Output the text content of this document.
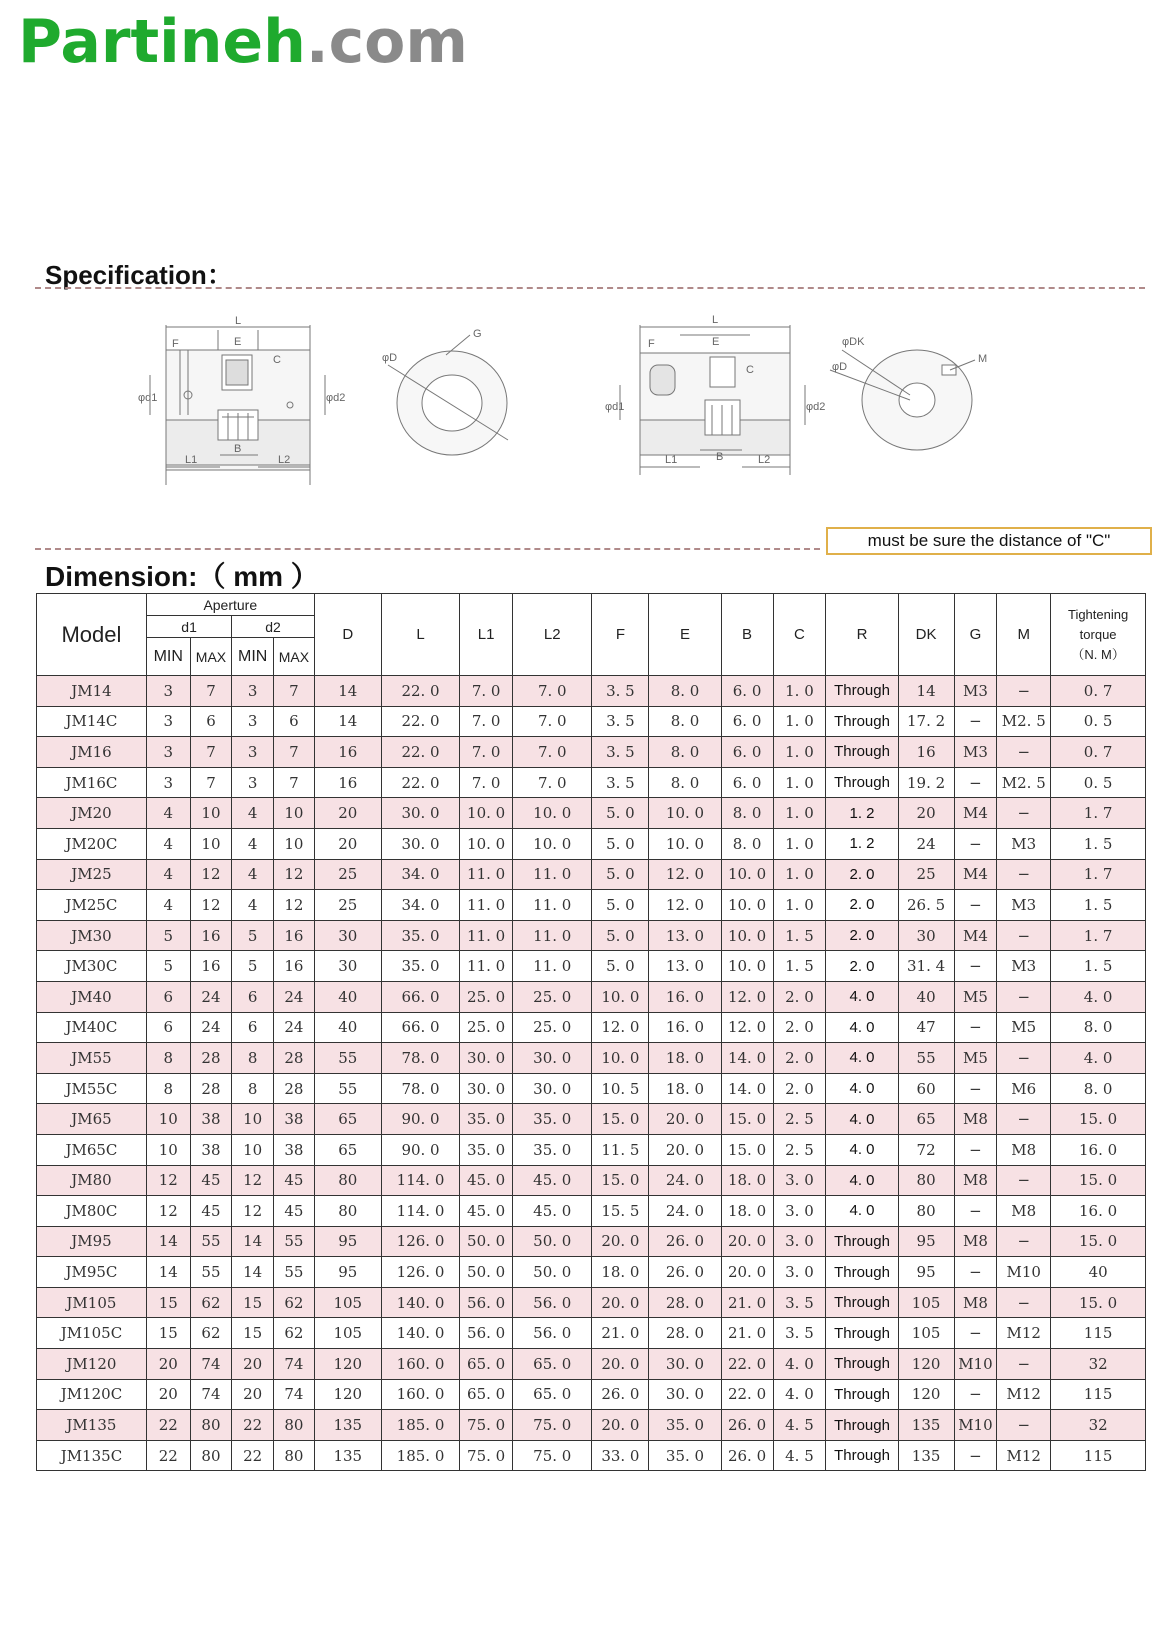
Partineh.com
Specification：
L
F	E
C
φd1	φd2
L1
B
L2
φD
G
L
F	E
C
φd1	φd2
L1	B	L2
φDK
φD
M
must be sure the distance of "C"
Dimension:（ mm ）
Model	Aperture				D	L	L1	L2	F	E	B	C	R	DK	G	M	Tightening
torque
（N. M）
	d1		d2														
	MIN	MAX	MIN	MAX													
JM14	3	7	3	7	14	22. 0	7. 0	7. 0	3. 5	8. 0	6. 0	1. 0	Through	14	M3	−	0. 7
JM14C	3	6	3	6	14	22. 0	7. 0	7. 0	3. 5	8. 0	6. 0	1. 0	Through	17. 2	−	M2. 5	0. 5
JM16	3	7	3	7	16	22. 0	7. 0	7. 0	3. 5	8. 0	6. 0	1. 0	Through	16	M3	−	0. 7
JM16C	3	7	3	7	16	22. 0	7. 0	7. 0	3. 5	8. 0	6. 0	1. 0	Through	19. 2	−	M2. 5	0. 5
JM20	4	10	4	10	20	30. 0	10. 0	10. 0	5. 0	10. 0	8. 0	1. 0	1. 2	20	M4	−	1. 7
JM20C	4	10	4	10	20	30. 0	10. 0	10. 0	5. 0	10. 0	8. 0	1. 0	1. 2	24	−	M3	1. 5
JM25	4	12	4	12	25	34. 0	11. 0	11. 0	5. 0	12. 0	10. 0	1. 0	2. 0	25	M4	−	1. 7
JM25C	4	12	4	12	25	34. 0	11. 0	11. 0	5. 0	12. 0	10. 0	1. 0	2. 0	26. 5	−	M3	1. 5
JM30	5	16	5	16	30	35. 0	11. 0	11. 0	5. 0	13. 0	10. 0	1. 5	2. 0	30	M4	−	1. 7
JM30C	5	16	5	16	30	35. 0	11. 0	11. 0	5. 0	13. 0	10. 0	1. 5	2. 0	31. 4	−	M3	1. 5
JM40	6	24	6	24	40	66. 0	25. 0	25. 0	10. 0	16. 0	12. 0	2. 0	4. 0	40	M5	−	4. 0
JM40C	6	24	6	24	40	66. 0	25. 0	25. 0	12. 0	16. 0	12. 0	2. 0	4. 0	47	−	M5	8. 0
JM55	8	28	8	28	55	78. 0	30. 0	30. 0	10. 0	18. 0	14. 0	2. 0	4. 0	55	M5	−	4. 0
JM55C	8	28	8	28	55	78. 0	30. 0	30. 0	10. 5	18. 0	14. 0	2. 0	4. 0	60	−	M6	8. 0
JM65	10	38	10	38	65	90. 0	35. 0	35. 0	15. 0	20. 0	15. 0	2. 5	4. 0	65	M8	−	15. 0
JM65C	10	38	10	38	65	90. 0	35. 0	35. 0	11. 5	20. 0	15. 0	2. 5	4. 0	72	−	M8	16. 0
JM80	12	45	12	45	80	114. 0	45. 0	45. 0	15. 0	24. 0	18. 0	3. 0	4. 0	80	M8	−	15. 0
JM80C	12	45	12	45	80	114. 0	45. 0	45. 0	15. 5	24. 0	18. 0	3. 0	4. 0	80	−	M8	16. 0
JM95	14	55	14	55	95	126. 0	50. 0	50. 0	20. 0	26. 0	20. 0	3. 0	Through	95	M8	−	15. 0
JM95C	14	55	14	55	95	126. 0	50. 0	50. 0	18. 0	26. 0	20. 0	3. 0	Through	95	−	M10	40
JM105	15	62	15	62	105	140. 0	56. 0	56. 0	20. 0	28. 0	21. 0	3. 5	Through	105	M8	−	15. 0
JM105C	15	62	15	62	105	140. 0	56. 0	56. 0	21. 0	28. 0	21. 0	3. 5	Through	105	−	M12	115
JM120	20	74	20	74	120	160. 0	65. 0	65. 0	20. 0	30. 0	22. 0	4. 0	Through	120	M10	−	32
JM120C	20	74	20	74	120	160. 0	65. 0	65. 0	26. 0	30. 0	22. 0	4. 0	Through	120	−	M12	115
JM135	22	80	22	80	135	185. 0	75. 0	75. 0	20. 0	35. 0	26. 0	4. 5	Through	135	M10	−	32
JM135C	22	80	22	80	135	185. 0	75. 0	75. 0	33. 0	35. 0	26. 0	4. 5	Through	135	−	M12	115
